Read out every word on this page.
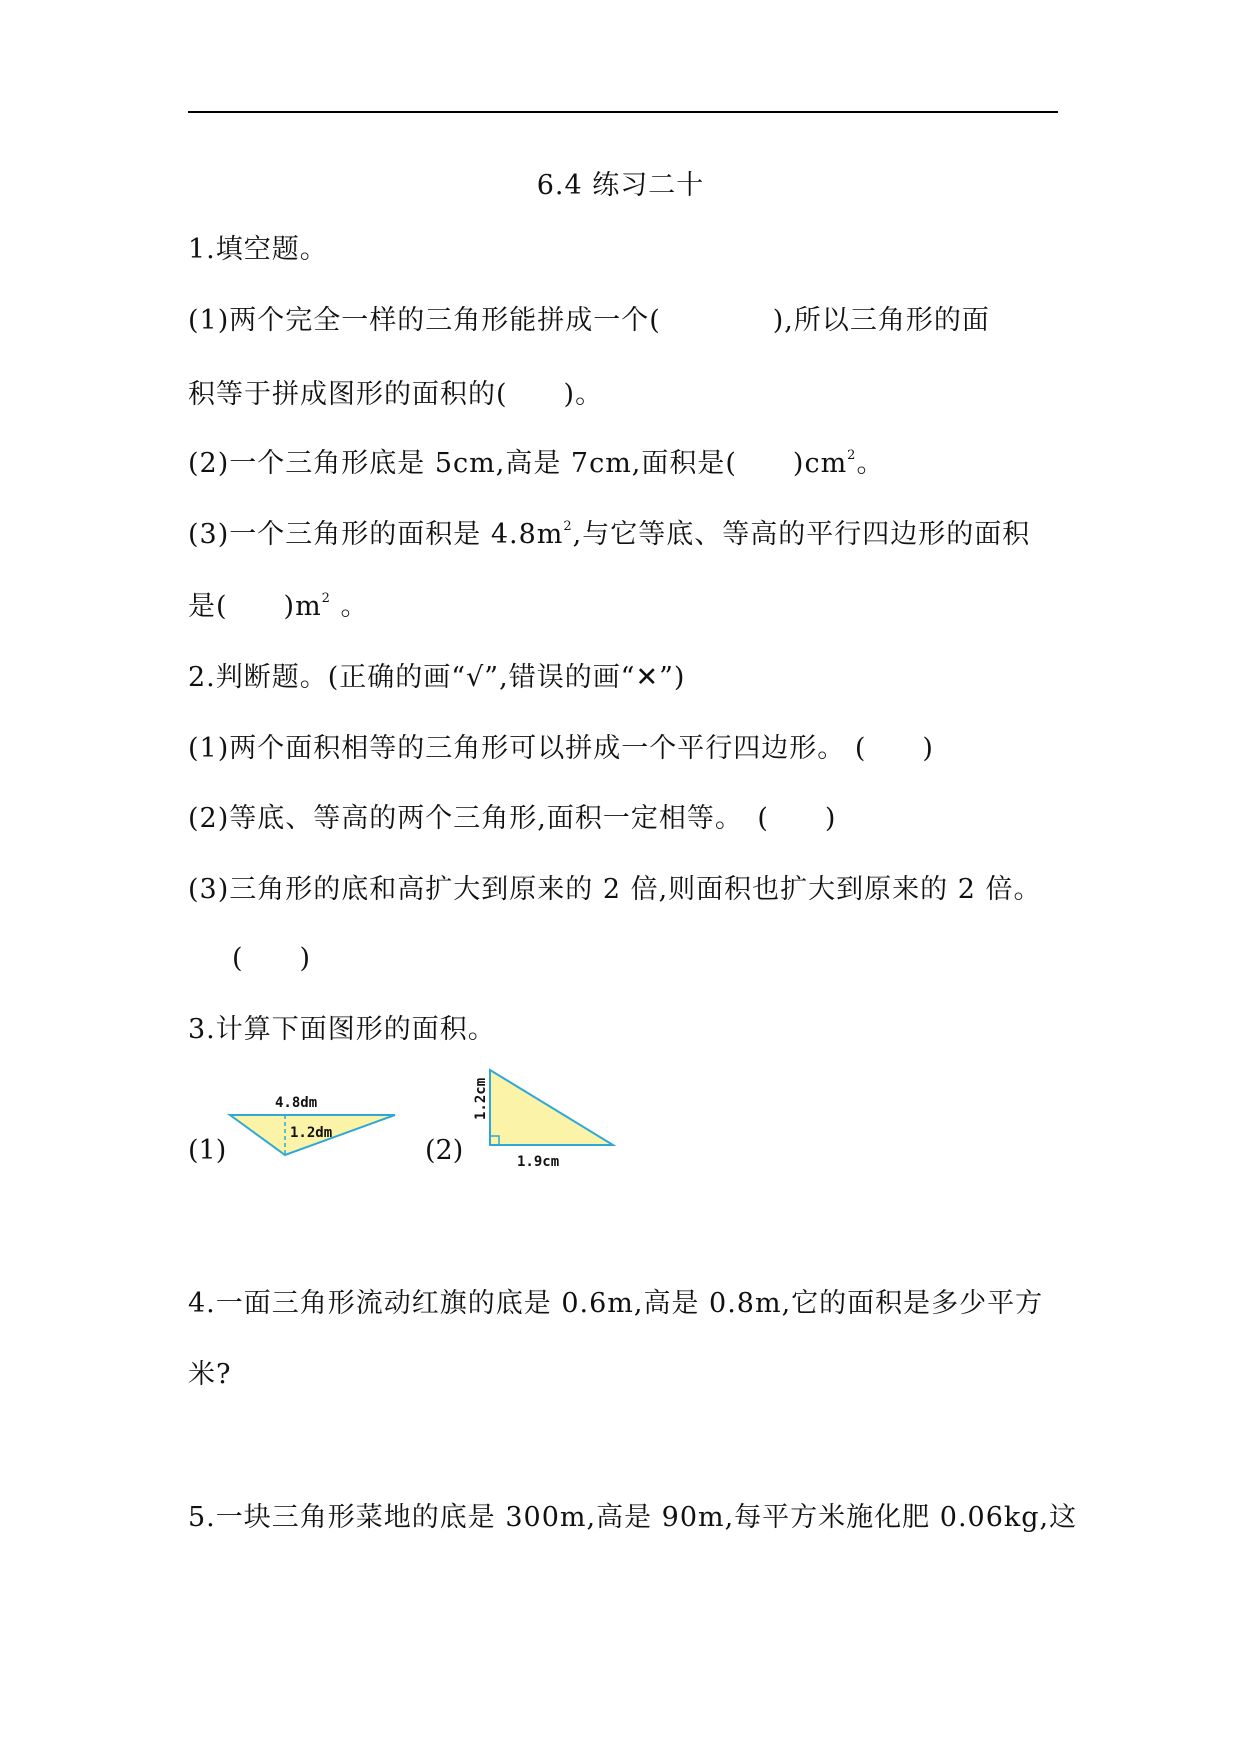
6.4 练习二十
1.填空题。
(1)两个完全一样的三角形能拼成一个(　　　　),所以三角形的面
积等于拼成图形的面积的(　　)。
(2)一个三角形底是 5cm,高是 7cm,面积是(　　)$cm^2$。
(3)一个三角形的面积是 $4.8m^2$,与它等底、等高的平行四边形的面积
是(　　)$m^2$ 。
2.判断题。(正确的画“√”,错误的画“✕”)
(1)两个面积相等的三角形可以拼成一个平行四边形。 (　　)
(2)等底、等高的两个三角形,面积一定相等。　(　　)
(3)三角形的底和高扩大到原来的 2 倍,则面积也扩大到原来的 2 倍。
(　　)
3.计算下面图形的面积。
(1)
4.8dm
1.2dm
(2)
1.2cm
1.9cm
4.一面三角形流动红旗的底是 0.6m,高是 0.8m,它的面积是多少平方
米?
5.一块三角形菜地的底是 300m,高是 90m,每平方米施化肥 0.06kg,这
